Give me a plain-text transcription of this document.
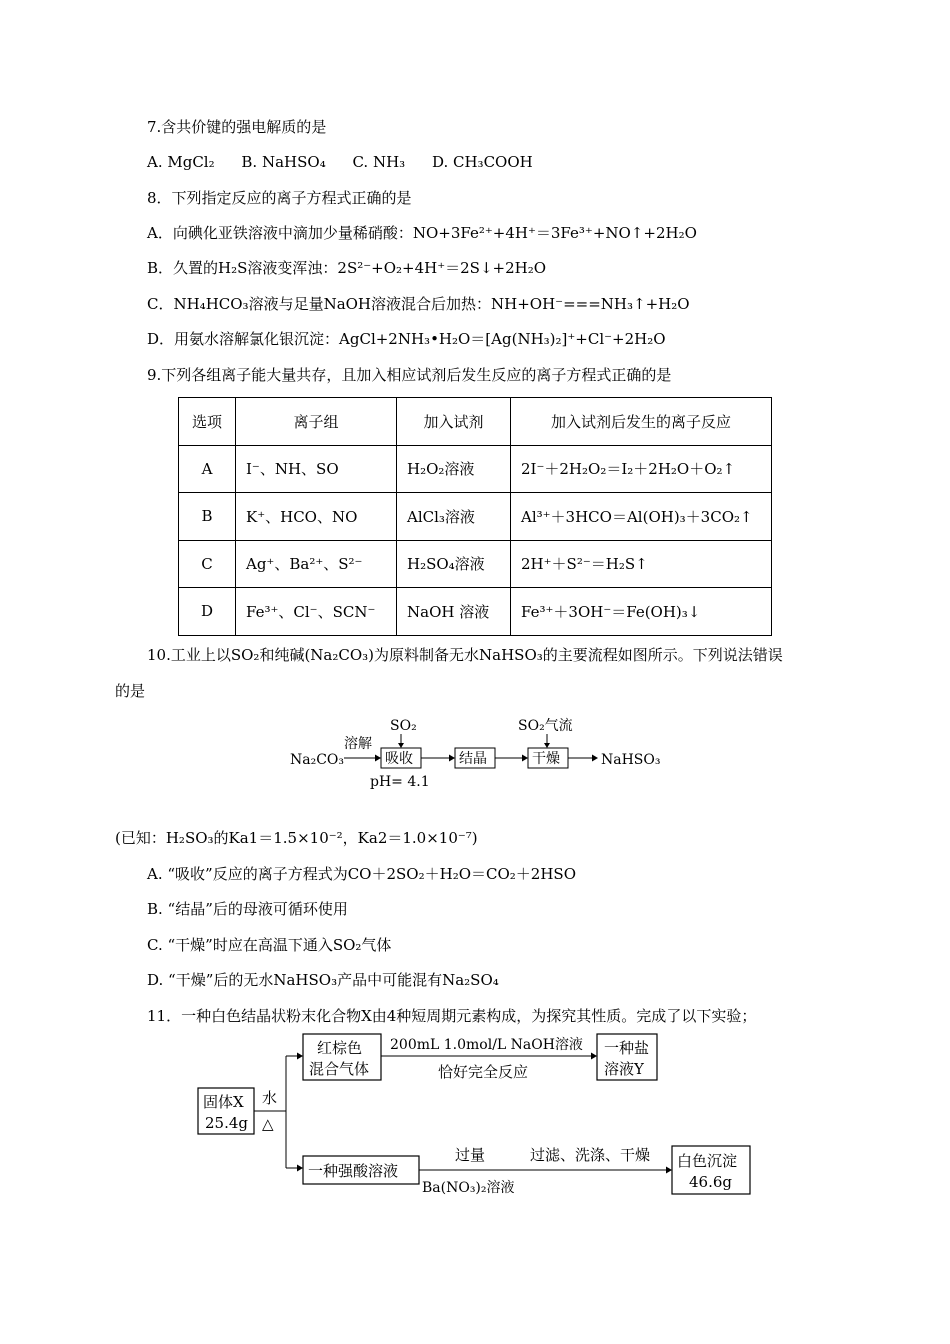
7.含共价键的强电解质的是
A. MgCl₂ B. NaHSO₄ C. NH₃ D. CH₃COOH
8．下列指定反应的离子方程式正确的是
A．向碘化亚铁溶液中滴加少量稀硝酸：NO+3Fe²⁺+4H⁺＝3Fe³⁺+NO↑+2H₂O
B．久置的H₂S溶液变浑浊：2S²⁻+O₂+4H⁺＝2S↓+2H₂O
C．NH₄HCO₃溶液与足量NaOH溶液混合后加热：NH+OH⁻===NH₃↑+H₂O
D．用氨水溶解氯化银沉淀：AgCl+2NH₃•H₂O＝[Ag(NH₃)₂]⁺+Cl⁻+2H₂O
9.下列各组离子能大量共存，且加入相应试剂后发生反应的离子方程式正确的是
选项	离子组	加入试剂	加入试剂后发生的离子反应
A	I⁻、NH、SO	H₂O₂溶液	2I⁻＋2H₂O₂＝I₂＋2H₂O＋O₂↑
B	K⁺、HCO、NO	AlCl₃溶液	Al³⁺＋3HCO＝Al(OH)₃＋3CO₂↑
C	Ag⁺、Ba²⁺、S²⁻	H₂SO₄溶液	2H⁺＋S²⁻＝H₂S↑
D	Fe³⁺、Cl⁻、SCN⁻	NaOH 溶液	Fe³⁺＋3OH⁻＝Fe(OH)₃↓
10.工业上以SO₂和纯碱(Na₂CO₃)为原料制备无水NaHSO₃的主要流程如图所示。下列说法错误
的是
Na₂CO₃
溶解
SO₂
吸收
pH= 4.1
结晶
SO₂气流
干燥	NaHSO₃
(已知：H₂SO₃的Ka1＝1.5×10⁻²，Ka2＝1.0×10⁻⁷)
A. “吸收”反应的离子方程式为CO＋2SO₂＋H₂O＝CO₂＋2HSO
B. “结晶”后的母液可循环使用
C. “干燥”时应在高温下通入SO₂气体
D. “干燥”后的无水NaHSO₃产品中可能混有Na₂SO₄
11．一种白色结晶状粉末化合物X由4种短周期元素构成，为探究其性质。完成了以下实验；
固体X
25.4g
水
△
红棕色
混合气体
200mL 1.0mol/L NaOH溶液
恰好完全反应
一种盐
溶液Y
一种强酸溶液
过量
Ba(NO₃)₂溶液
过滤、洗涤、干燥 白色沉淀
46.6g
